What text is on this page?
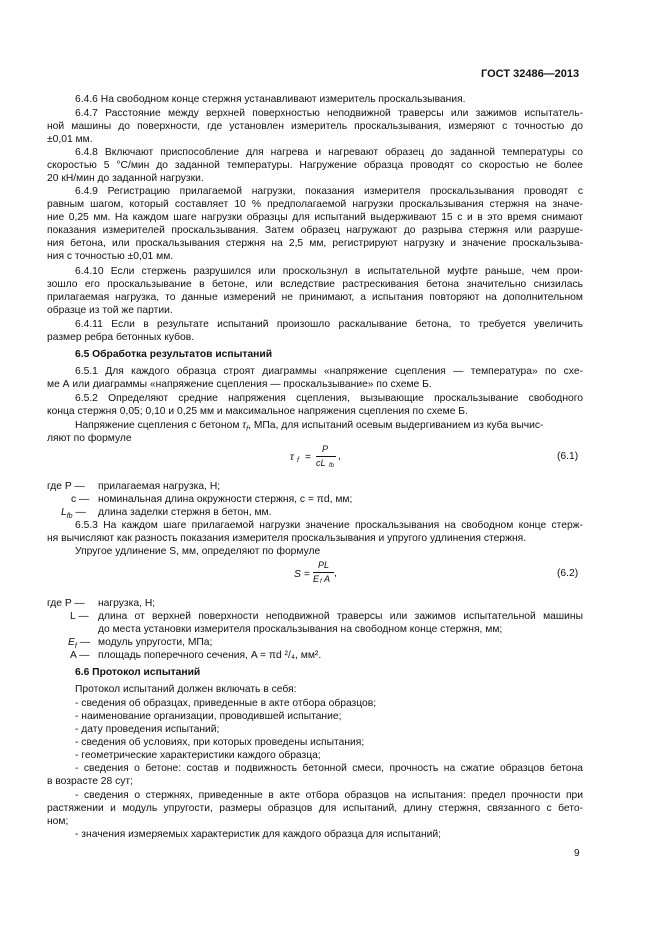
ГОСТ 32486—2013
6.4.6 На свободном конце стержня устанавливают измеритель проскальзывания.
6.4.7 Расстояние между верхней поверхностью неподвижной траверсы или зажимов испытатель-
ной машины до поверхности, где установлен измеритель проскальзывания, измеряют с точностью до
±0,01 мм.
6.4.8 Включают приспособление для нагрева и нагревают образец до заданной температуры со
скоростью 5 °С/мин до заданной температуры. Нагружение образца проводят со скоростью не более
20 кН/мин до заданной нагрузки.
6.4.9 Регистрацию прилагаемой нагрузки, показания измерителя проскальзывания проводят с
равным шагом, который составляет 10 % предполагаемой нагрузки проскальзывания стержня на значе-
ние 0,25 мм. На каждом шаге нагрузки образцы для испытаний выдерживают 15 с и в это время снимают
показания измерителей проскальзывания. Затем образец нагружают до разрыва стержня или разруше-
ния бетона, или проскальзывания стержня на 2,5 мм, регистрируют нагрузку и значение проскальзыва-
ния с точностью ±0,01 мм.
6.4.10 Если стержень разрушился или проскользнул в испытательной муфте раньше, чем прои-
зошло его проскальзывание в бетоне, или вследствие растрескивания бетона значительно снизилась
прилагаемая нагрузка, то данные измерений не принимают, а испытания повторяют на дополнительном
образце из той же партии.
6.4.11 Если в результате испытаний произошло раскалывание бетона, то требуется увеличить
размер ребра бетонных кубов.
6.5 Обработка результатов испытаний
6.5.1 Для каждого образца строят диаграммы «напряжение сцепления — температура» по схе-
ме А или диаграммы «напряжение сцепления — проскальзывание» по схеме Б.
6.5.2 Определяют средние напряжения сцепления, вызывающие проскальзывание свободного
конца стержня 0,05; 0,10 и 0,25 мм и максимальное напряжения сцепления по схеме Б.
Напряжение сцепления с бетоном $\tau_f$, МПа, для испытаний осевым выдергиванием из куба вычис-
ляют по формуле
τ f =
P
cL fb
,	(6.1)
где P — прилагаемая нагрузка, Н;
c — номинальная длина окружности стержня, c = πd, мм;
$L_{fb}$ — длина заделки стержня в бетон, мм.
6.5.3 На каждом шаге прилагаемой нагрузки значение проскальзывания на свободном конце стерж-
ня вычисляют как разность показания измерителя проскальзывания и упругого удлинения стержня.
Упругое удлинение S, мм, определяют по формуле
S =
PL
E f A ,	(6.2)
где P — нагрузка, Н;
L — длина от верхней поверхности неподвижной траверсы или зажимов испытательной машины
до места установки измерителя проскальзывания на свободном конце стержня, мм;
$E_f$ — модуль упругости, МПа;
A — площадь поперечного сечения, A = πd ²/₄, мм².
6.6 Протокол испытаний
Протокол испытаний должен включать в себя:
- сведения об образцах, приведенные в акте отбора образцов;
- наименование организации, проводившей испытание;
- дату проведения испытаний;
- сведения об условиях, при которых проведены испытания;
- геометрические характеристики каждого образца;
- сведения о бетоне: состав и подвижность бетонной смеси, прочность на сжатие образцов бетона
в возрасте 28 сут;
- сведения о стержнях, приведенные в акте отбора образцов на испытания: предел прочности при
растяжении и модуль упругости, размеры образцов для испытаний, длину стержня, связанного с бето-
ном;
- значения измеряемых характеристик для каждого образца для испытаний;
9
